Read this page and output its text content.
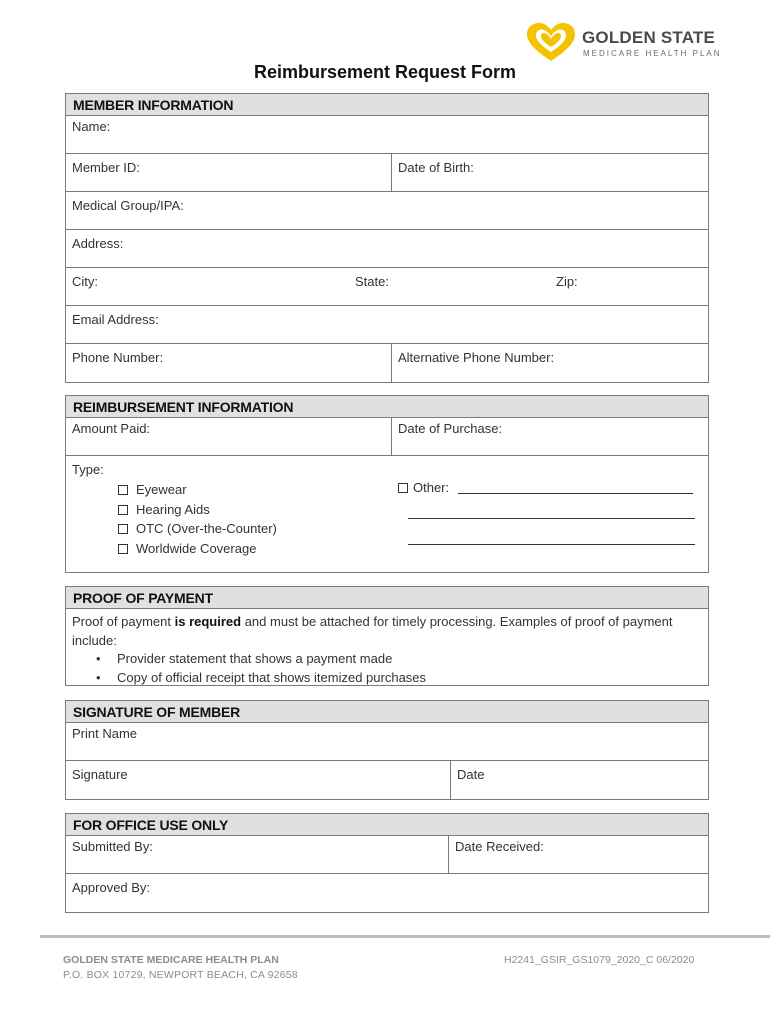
GOLDEN STATE
MEDICARE HEALTH PLAN
Reimbursement Request Form
MEMBER INFORMATION
Name:
Member ID:	Date of Birth:
Medical Group/IPA:
Address:
City:	State:	Zip:
Email Address:
Phone Number:	Alternative Phone Number:
REIMBURSEMENT INFORMATION
Amount Paid:	Date of Purchase:
Type:
Eyewear
Hearing Aids
OTC (Over-the-Counter)
Worldwide Coverage
Other:
PROOF OF PAYMENT
Proof of payment is required and must be attached for timely processing. Examples of proof of payment include:
• Provider statement that shows a payment made
• Copy of official receipt that shows itemized purchases
SIGNATURE OF MEMBER
Print Name
Signature	Date
FOR OFFICE USE ONLY
Submitted By:	Date Received:
Approved By:
GOLDEN STATE MEDICARE HEALTH PLAN
P.O. BOX 10729, NEWPORT BEACH, CA 92658
H2241_GSIR_GS1079_2020_C 06/2020
